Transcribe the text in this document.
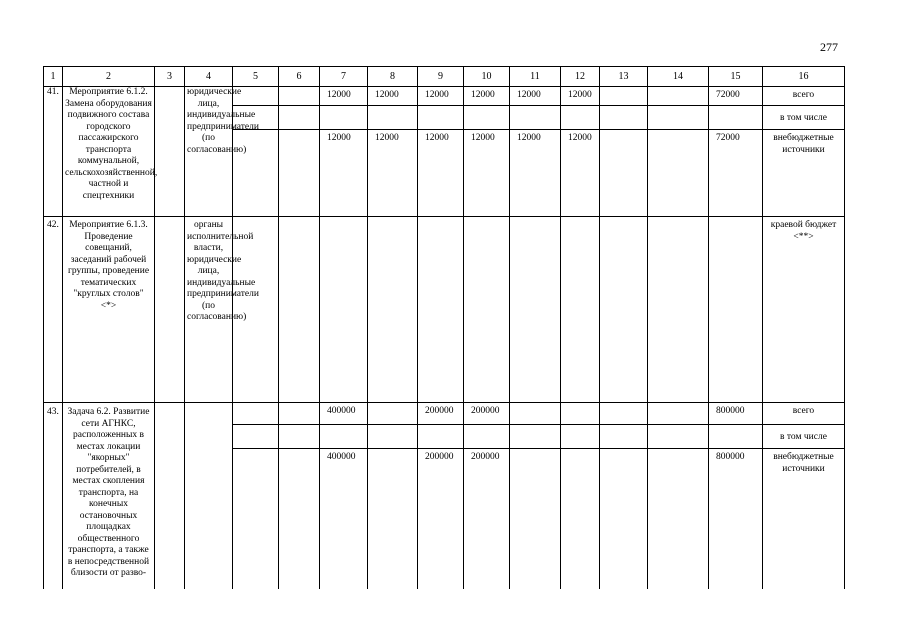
277
1	2	3	4	5	6	7	8	9	10	11	12	13	14	15	16
41.	Мероприятие 6.1.2. Замена оборудования подвижного состава городского пассажирского транспорта коммунальной, сельскохозяйственной, частной и спецтехники		юридические лица, индивидуальные предприниматели (по согласованию)			12000	12000	12000	12000	12000	12000			72000	всего
															в том числе
						12000	12000	12000	12000	12000	12000			72000	внебюджетные источники
42.	Мероприятие 6.1.3. Проведение совещаний, заседаний рабочей группы, проведение тематических "круглых столов" <*>		органы исполнительной власти, юридические лица, индивидуальные предприниматели (по согласованию)												краевой бюджет <**>
43.	Задача 6.2. Развитие сети АГНКС, расположенных в местах локации "якорных" потребителей, в местах скопления транспорта, на конечных остановочных площадках общественного транспорта, а также в непосредственной близости от разво-					400000		200000	200000					800000	всего
															в том числе
						400000		200000	200000					800000	внебюджетные источники
